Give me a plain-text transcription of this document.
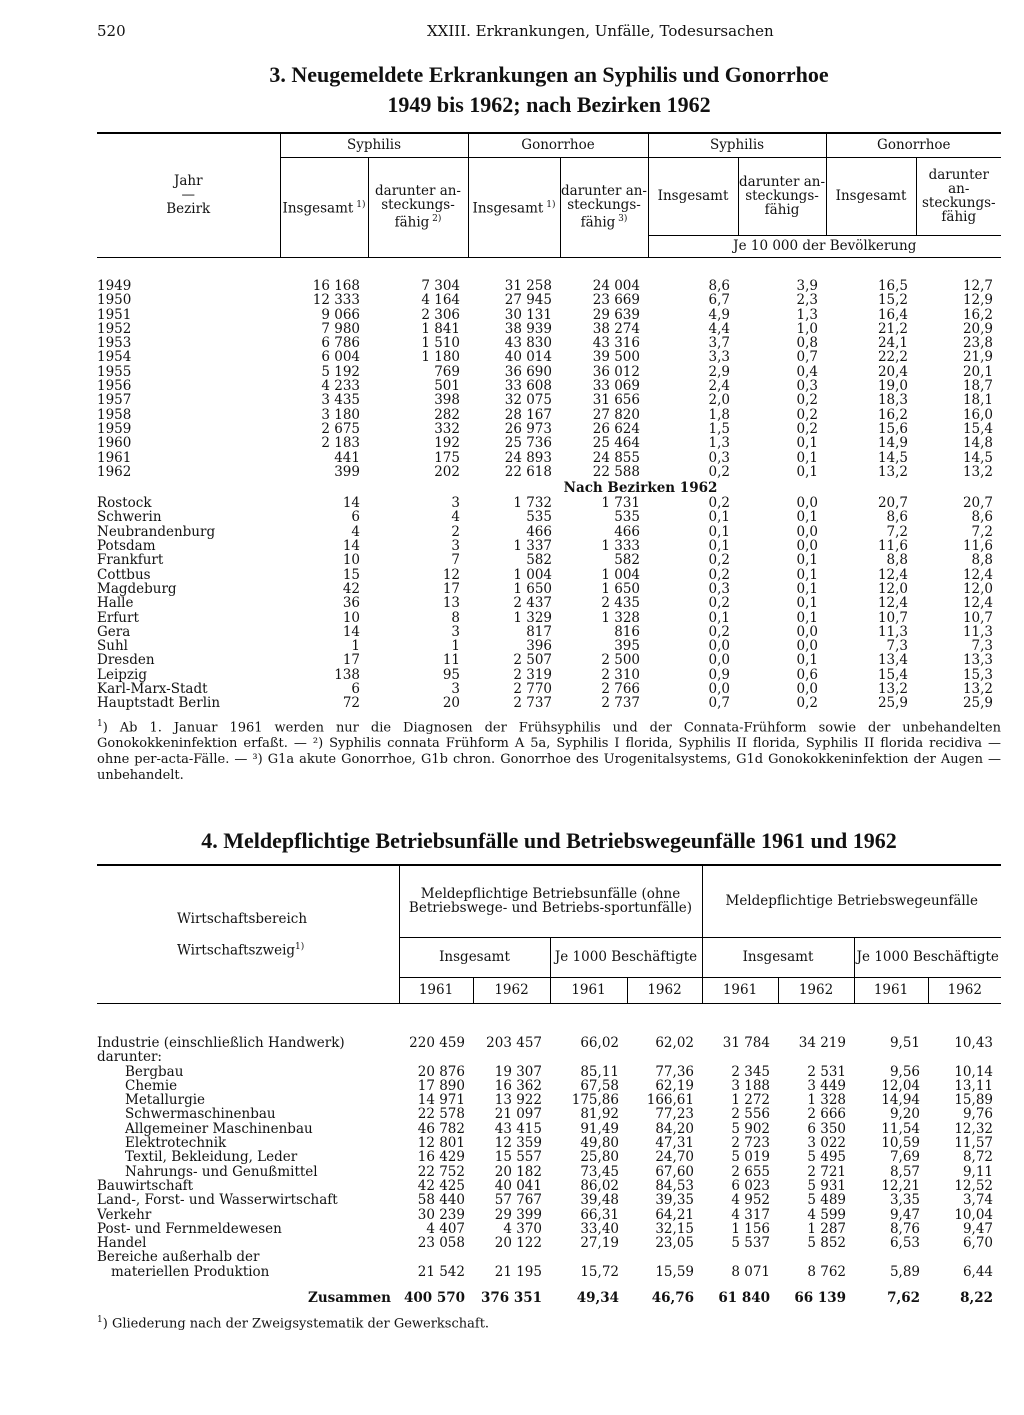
520	XXIII. Erkrankungen, Unfälle, Todesursachen
3. Neugemeldete Erkrankungen an Syphilis und Gonorrhoe
1949 bis 1962; nach Bezirken 1962
Jahr
—
Bezirk	Syphilis		Gonorrhoe		Syphilis		Gonorrhoe	
	Insgesamt $^{1)}$	darunter an-steckungs-fähig $^{2)}$	Insgesamt $^{1)}$	darunter an-steckungs-fähig $^{3)}$	Insgesamt	darunter an-steckungs-fähig	Insgesamt	darunter an-steckungs-fähig
					Je 10 000 der Bevölkerung			
1949	16 168	7 304	31 258	24 004	8,6	3,9	16,5	12,7
1950	12 333	4 164	27 945	23 669	6,7	2,3	15,2	12,9
1951	9 066	2 306	30 131	29 639	4,9	1,3	16,4	16,2
1952	7 980	1 841	38 939	38 274	4,4	1,0	21,2	20,9
1953	6 786	1 510	43 830	43 316	3,7	0,8	24,1	23,8
1954	6 004	1 180	40 014	39 500	3,3	0,7	22,2	21,9
1955	5 192	769	36 690	36 012	2,9	0,4	20,4	20,1
1956	4 233	501	33 608	33 069	2,4	0,3	19,0	18,7
1957	3 435	398	32 075	31 656	2,0	0,2	18,3	18,1
1958	3 180	282	28 167	27 820	1,8	0,2	16,2	16,0
1959	2 675	332	26 973	26 624	1,5	0,2	15,6	15,4
1960	2 183	192	25 736	25 464	1,3	0,1	14,9	14,8
1961	441	175	24 893	24 855	0,3	0,1	14,5	14,5
1962	399	202	22 618	22 588	0,2	0,1	13,2	13,2
	Nach Bezirken 1962							
Rostock	14	3	1 732	1 731	0,2	0,0	20,7	20,7
Schwerin	6	4	535	535	0,1	0,1	8,6	8,6
Neubrandenburg	4	2	466	466	0,1	0,0	7,2	7,2
Potsdam	14	3	1 337	1 333	0,1	0,0	11,6	11,6
Frankfurt	10	7	582	582	0,2	0,1	8,8	8,8
Cottbus	15	12	1 004	1 004	0,2	0,1	12,4	12,4
Magdeburg	42	17	1 650	1 650	0,3	0,1	12,0	12,0
Halle	36	13	2 437	2 435	0,2	0,1	12,4	12,4
Erfurt	10	8	1 329	1 328	0,1	0,1	10,7	10,7
Gera	14	3	817	816	0,2	0,0	11,3	11,3
Suhl	1	1	396	395	0,0	0,0	7,3	7,3
Dresden	17	11	2 507	2 500	0,0	0,1	13,4	13,3
Leipzig	138	95	2 319	2 310	0,9	0,6	15,4	15,3
Karl-Marx-Stadt	6	3	2 770	2 766	0,0	0,0	13,2	13,2
Hauptstadt Berlin	72	20	2 737	2 737	0,7	0,2	25,9	25,9
$^1$) Ab 1. Januar 1961 werden nur die Diagnosen der Frühsyphilis und der Connata-Frühform sowie der unbehandelten Gonokokkeninfektion erfaßt. — ²) Syphilis connata Frühform A 5a, Syphilis I florida, Syphilis II florida, Syphilis II florida recidiva — ohne per-acta-Fälle. — ³) G1a akute Gonorrhoe, G1b chron. Gonorrhoe des Urogenitalsystems, G1d Gonokokkeninfektion der Augen — unbehandelt.
4. Meldepflichtige Betriebsunfälle und Betriebswegeunfälle 1961 und 1962
Wirtschaftsbereich
Wirtschaftszweig$^{1)}$	Meldepflichtige Betriebsunfälle (ohne Betriebswege- und Betriebs-sportunfälle)				Meldepflichtige Betriebswegeunfälle			
	Insgesamt		Je 1000 Beschäftigte		Insgesamt		Je 1000 Beschäftigte	
	1961	1962	1961	1962	1961	1962	1961	1962
Industrie (einschließlich Handwerk)	220 459	203 457	66,02	62,02	31 784	34 219	9,51	10,43
darunter:								
Bergbau	20 876	19 307	85,11	77,36	2 345	2 531	9,56	10,14
Chemie	17 890	16 362	67,58	62,19	3 188	3 449	12,04	13,11
Metallurgie	14 971	13 922	175,86	166,61	1 272	1 328	14,94	15,89
Schwermaschinenbau	22 578	21 097	81,92	77,23	2 556	2 666	9,20	9,76
Allgemeiner Maschinenbau	46 782	43 415	91,49	84,20	5 902	6 350	11,54	12,32
Elektrotechnik	12 801	12 359	49,80	47,31	2 723	3 022	10,59	11,57
Textil, Bekleidung, Leder	16 429	15 557	25,80	24,70	5 019	5 495	7,69	8,72
Nahrungs- und Genußmittel	22 752	20 182	73,45	67,60	2 655	2 721	8,57	9,11
Bauwirtschaft	42 425	40 041	86,02	84,53	6 023	5 931	12,21	12,52
Land-, Forst- und Wasserwirtschaft	58 440	57 767	39,48	39,35	4 952	5 489	3,35	3,74
Verkehr	30 239	29 399	66,31	64,21	4 317	4 599	9,47	10,04
Post- und Fernmeldewesen	4 407	4 370	33,40	32,15	1 156	1 287	8,76	9,47
Handel	23 058	20 122	27,19	23,05	5 537	5 852	6,53	6,70
Bereiche außerhalb der								
materiellen Produktion	21 542	21 195	15,72	15,59	8 071	8 762	5,89	6,44
Zusammen	400 570	376 351	49,34	46,76	61 840	66 139	7,62	8,22
$^1$) Gliederung nach der Zweigsystematik der Gewerkschaft.
